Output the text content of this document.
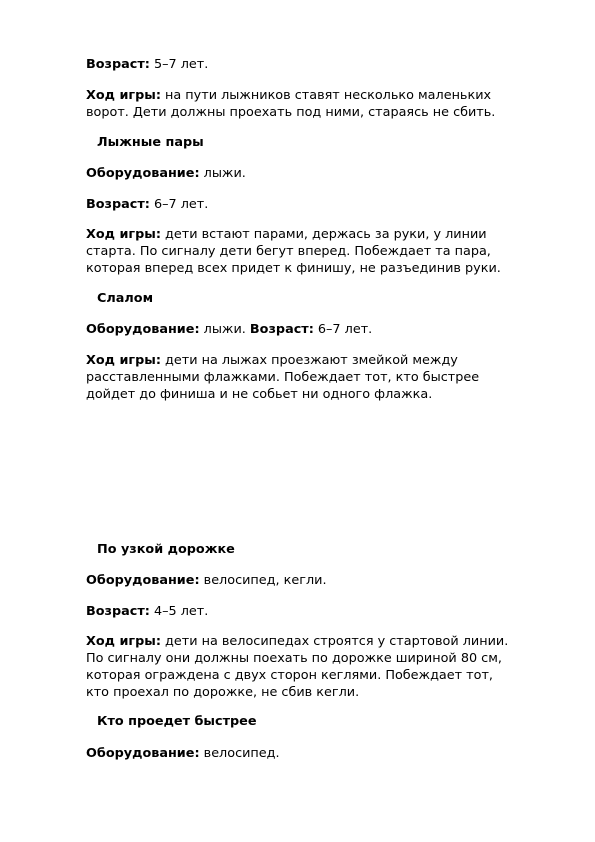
Возраст: 5–7 лет.
Ход игры: на пути лыжников ставят несколько маленьких
ворот. Дети должны проехать под ними, стараясь не сбить.
Лыжные пары
Оборудование: лыжи.
Возраст: 6–7 лет.
Ход игры: дети встают парами, держась за руки, у линии
старта. По сигналу дети бегут вперед. Побеждает та пара,
которая вперед всех придет к финишу, не разъединив руки.
Слалом
Оборудование: лыжи. Возраст: 6–7 лет.
Ход игры: дети на лыжах проезжают змейкой между
расставленными флажками. Побеждает тот, кто быстрее
дойдет до финиша и не собьет ни одного флажка.
По узкой дорожке
Оборудование: велосипед, кегли.
Возраст: 4–5 лет.
Ход игры: дети на велосипедах строятся у стартовой линии.
По сигналу они должны поехать по дорожке шириной 80 см,
которая ограждена с двух сторон кеглями. Побеждает тот,
кто проехал по дорожке, не сбив кегли.
Кто проедет быстрее
Оборудование: велосипед.
